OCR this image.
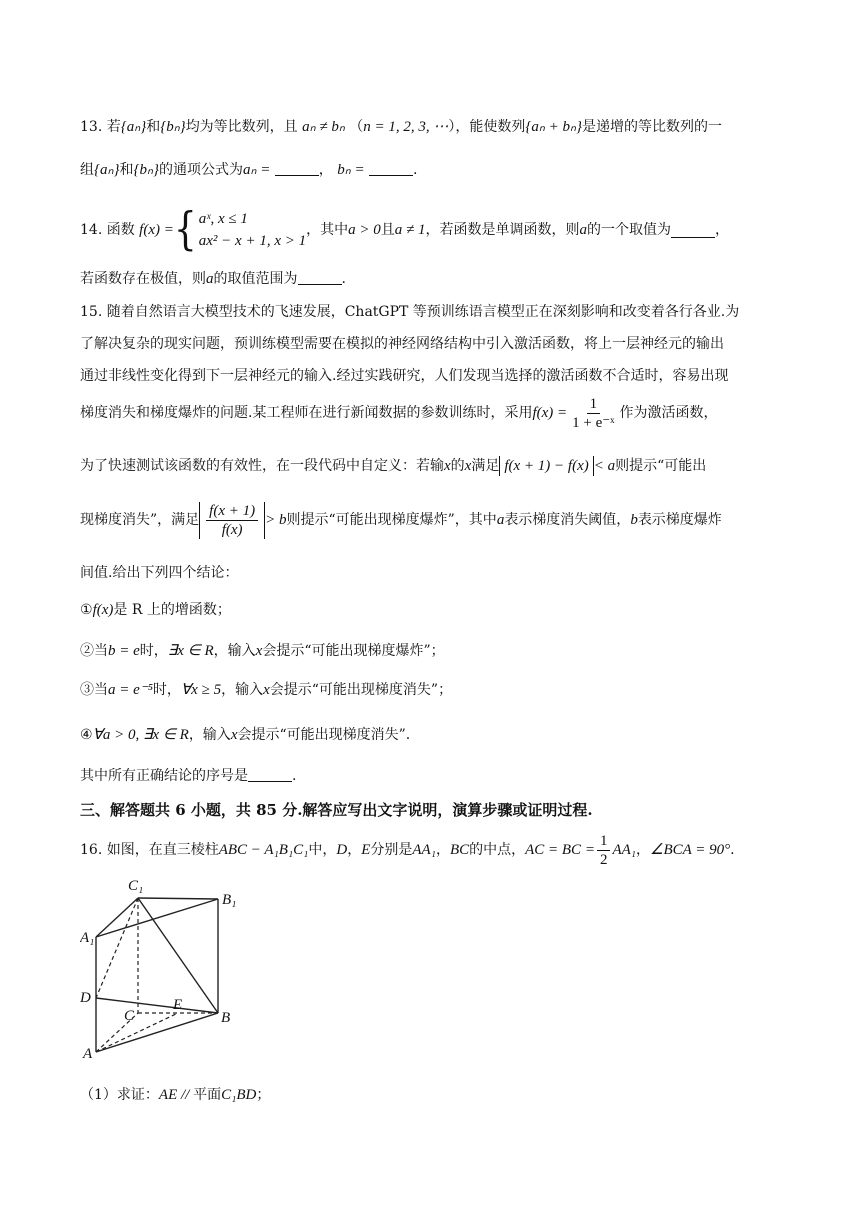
13. 若{aₙ}和{bₙ}均为等比数列，且 aₙ ≠ bₙ （n = 1, 2, 3, ⋯），能使数列{aₙ + bₙ}是递增的等比数列的一
组{aₙ}和{bₙ}的通项公式为aₙ =	， bₙ =	.
14.
函数
f(x) = { aˣ, x ≤ 1
ax² − x + 1, x > 1
，其中 a > 0 且 a ≠ 1 ，若函数是单调函数，则 a 的一个取值为	，
若函数存在极值，则a的取值范围为	.
15. 随着自然语言大模型技术的飞速发展，ChatGPT 等预训练语言模型正在深刻影响和改变着各行各业.为
了解决复杂的现实问题，预训练模型需要在模拟的神经网络结构中引入激活函数，将上一层神经元的输出
通过非线性变化得到下一层神经元的输入.经过实践研究，人们发现当选择的激活函数不合适时，容易出现
梯度消失和梯度爆炸的问题.某工程师在进行新闻数据的参数训练时，采用 $f(x) = \frac{1}{\text{1 + e⁻ˣ}}$ 作为激活函数，
为了快速测试该函数的有效性，在一段代码中自定义：若输 x 的 x 满足 f(x + 1) − f(x) < a 则提示“可能出
现梯度消失”，满足 $\frac{f(x + 1)}{f(x)} > b$ 则提示“可能出现梯度爆炸”，其中 a 表示梯度消失阈值， b 表示梯度爆炸
间值.给出下列四个结论：
①f(x)是 R 上的增函数；
②当b = e时，∃x ∈ R，输入x会提示“可能出现梯度爆炸”；
③当a = e⁻⁵时，∀x ≥ 5，输入x会提示“可能出现梯度消失”；
④∀a > 0, ∃x ∈ R，输入x会提示“可能出现梯度消失”.
其中所有正确结论的序号是	.
三、解答题共 6 小题，共 85 分.解答应写出文字说明，演算步骤或证明过程.
16.
如图，在直三棱柱 ABC − A₁B₁C₁ 中， D ， E 分别是 AA₁ ， BC 的中点， AC = BC = $\frac{1}{2} AA_1$ ， ∠BCA = 90° .
C₁
B₁
A₁
D
C
E
B
A
（1）求证：AE // 平面C₁BD；
